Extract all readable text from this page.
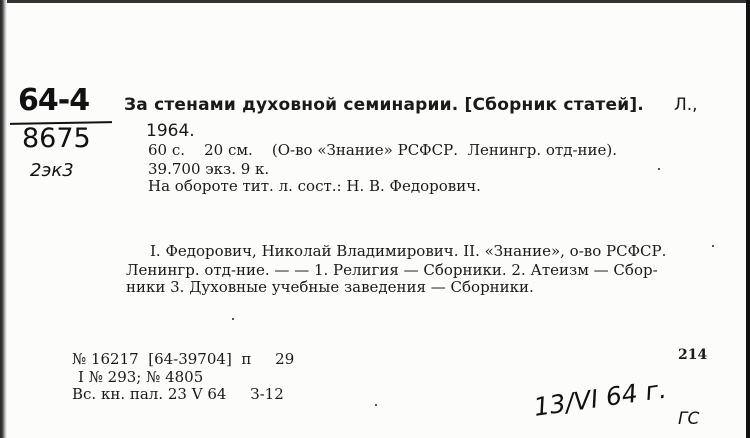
64-4
8675
2эк3
За стенами духовной семинарии. [Сборник статей]. Л.,
1964.
60 с.    20 см.    (О-во «Знание» РСФСР.  Ленингр. отд-ние).
39.700 экз. 9 к.
На обороте тит. л. сост.: Н. В. Федорович.
I. Федорович, Николай Владимирович. II. «Знание», о-во РСФСР.
Ленингр. отд-ние. — — 1. Религия — Сборники. 2. Атеизм — Сбор-
ники 3. Духовные учебные заведения — Сборники.
214
№ 16217  [64-39704]  п     29
I № 293; № 4805
Вс. кн. пал. 23 V 64     З-12	13/VI 64 г. ГС
